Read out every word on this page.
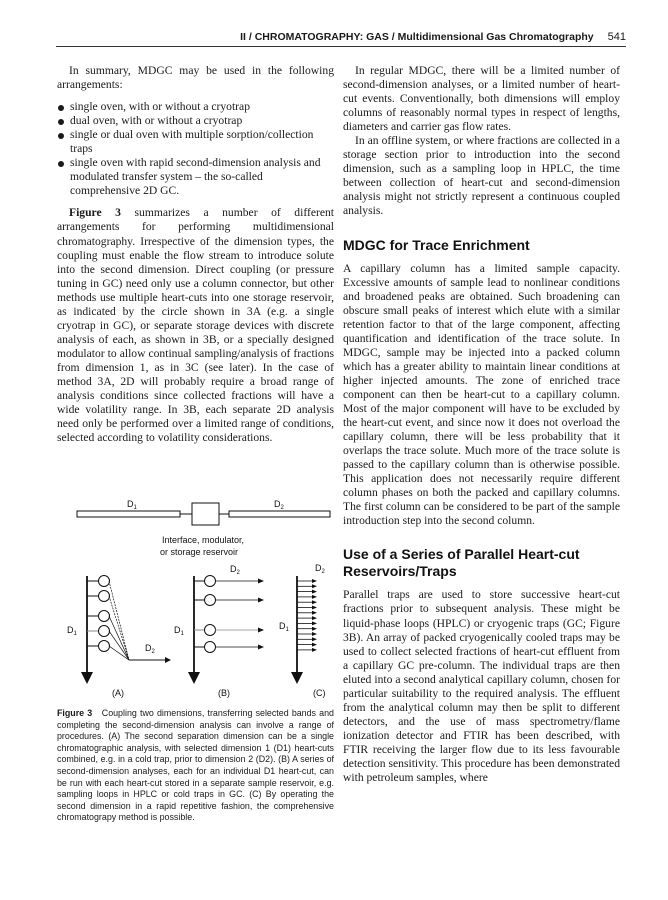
II / CHROMATOGRAPHY: GAS / Multidimensional Gas Chromatography 541

In summary, MDGC may be used in the following arrangements:

single oven, with or without a cryotrap
dual oven, with or without a cryotrap
single or dual oven with multiple sorption/collection traps
single oven with rapid second-dimension analysis and modulated transfer system – the so-called comprehensive 2D GC.

Figure 3 summarizes a number of different arrangements for performing multidimensional chromatography. Irrespective of the dimension types, the coupling must enable the flow stream to introduce solute into the second dimension. Direct coupling (or pressure tuning in GC) need only use a column connector, but other methods use multiple heart-cuts into one storage reservoir, as indicated by the circle shown in 3A (e.g. a single cryotrap in GC), or separate storage devices with discrete analysis of each, as shown in 3B, or a specially designed modulator to allow continual sampling/analysis of fractions from dimension 1, as in 3C (see later). In the case of method 3A, 2D will probably require a broad range of analysis conditions since collected fractions will have a wide volatility range. In 3B, each separate 2D analysis need only be performed over a limited range of conditions, selected according to volatility considerations.

$D_1$	$D_2$
Interface, modulator,
or storage reservoir
$D_1$
$D_2$
(A)
$D_1$
$D_2$
(B)
$D_1$
$D_2$
(C)
Figure 3 Coupling two dimensions, transferring selected bands and completing the second-dimension analysis can involve a range of procedures. (A) The second separation dimension can be a single chromatographic analysis, with selected dimension 1 (D1) heart-cuts combined, e.g. in a cold trap, prior to dimension 2 (D2). (B) A series of second-dimension analyses, each for an individual D1 heart-cut, can be run with each heart-cut stored in a separate sample reservoir, e.g. sampling loops in HPLC or cold traps in GC. (C) By operating the second dimension in a rapid repetitive fashion, the comprehensive chromatograpy method is possible.

In regular MDGC, there will be a limited number of second-dimension analyses, or a limited number of heart-cut events. Conventionally, both dimensions will employ columns of reasonably normal types in respect of lengths, diameters and carrier gas flow rates.

In an offline system, or where fractions are collected in a storage section prior to introduction into the second dimension, such as a sampling loop in HPLC, the time between collection of heart-cut and second-dimension analysis might not strictly represent a continuous coupled analysis.

MDGC for Trace Enrichment

A capillary column has a limited sample capacity. Excessive amounts of sample lead to nonlinear conditions and broadened peaks are obtained. Such broadening can obscure small peaks of interest which elute with a similar retention factor to that of the large component, affecting quantification and identification of the trace solute. In MDGC, sample may be injected into a packed column which has a greater ability to maintain linear conditions at higher injected amounts. The zone of enriched trace component can then be heart-cut to a capillary column. Most of the major component will have to be excluded by the heart-cut event, and since now it does not overload the capillary column, there will be less probability that it overlaps the trace solute. Much more of the trace solute is passed to the capillary column than is otherwise possible. This application does not necessarily require different column phases on both the packed and capillary columns. The first column can be considered to be part of the sample introduction step into the second column.

Use of a Series of Parallel Heart-cut Reservoirs/Traps

Parallel traps are used to store successive heart-cut fractions prior to subsequent analysis. These might be liquid-phase loops (HPLC) or cryogenic traps (GC; Figure 3B). An array of packed cryogenically cooled traps may be used to collect selected fractions of heart-cut effluent from a capillary GC pre-column. The individual traps are then eluted into a second analytical capillary column, chosen for particular suitability to the required analysis. The effluent from the analytical column may then be split to different detectors, and the use of mass spectrometry/flame ionization detector and FTIR has been described, with FTIR receiving the larger flow due to its less favourable detection sensitivity. This procedure has been demonstrated with petroleum samples, where
